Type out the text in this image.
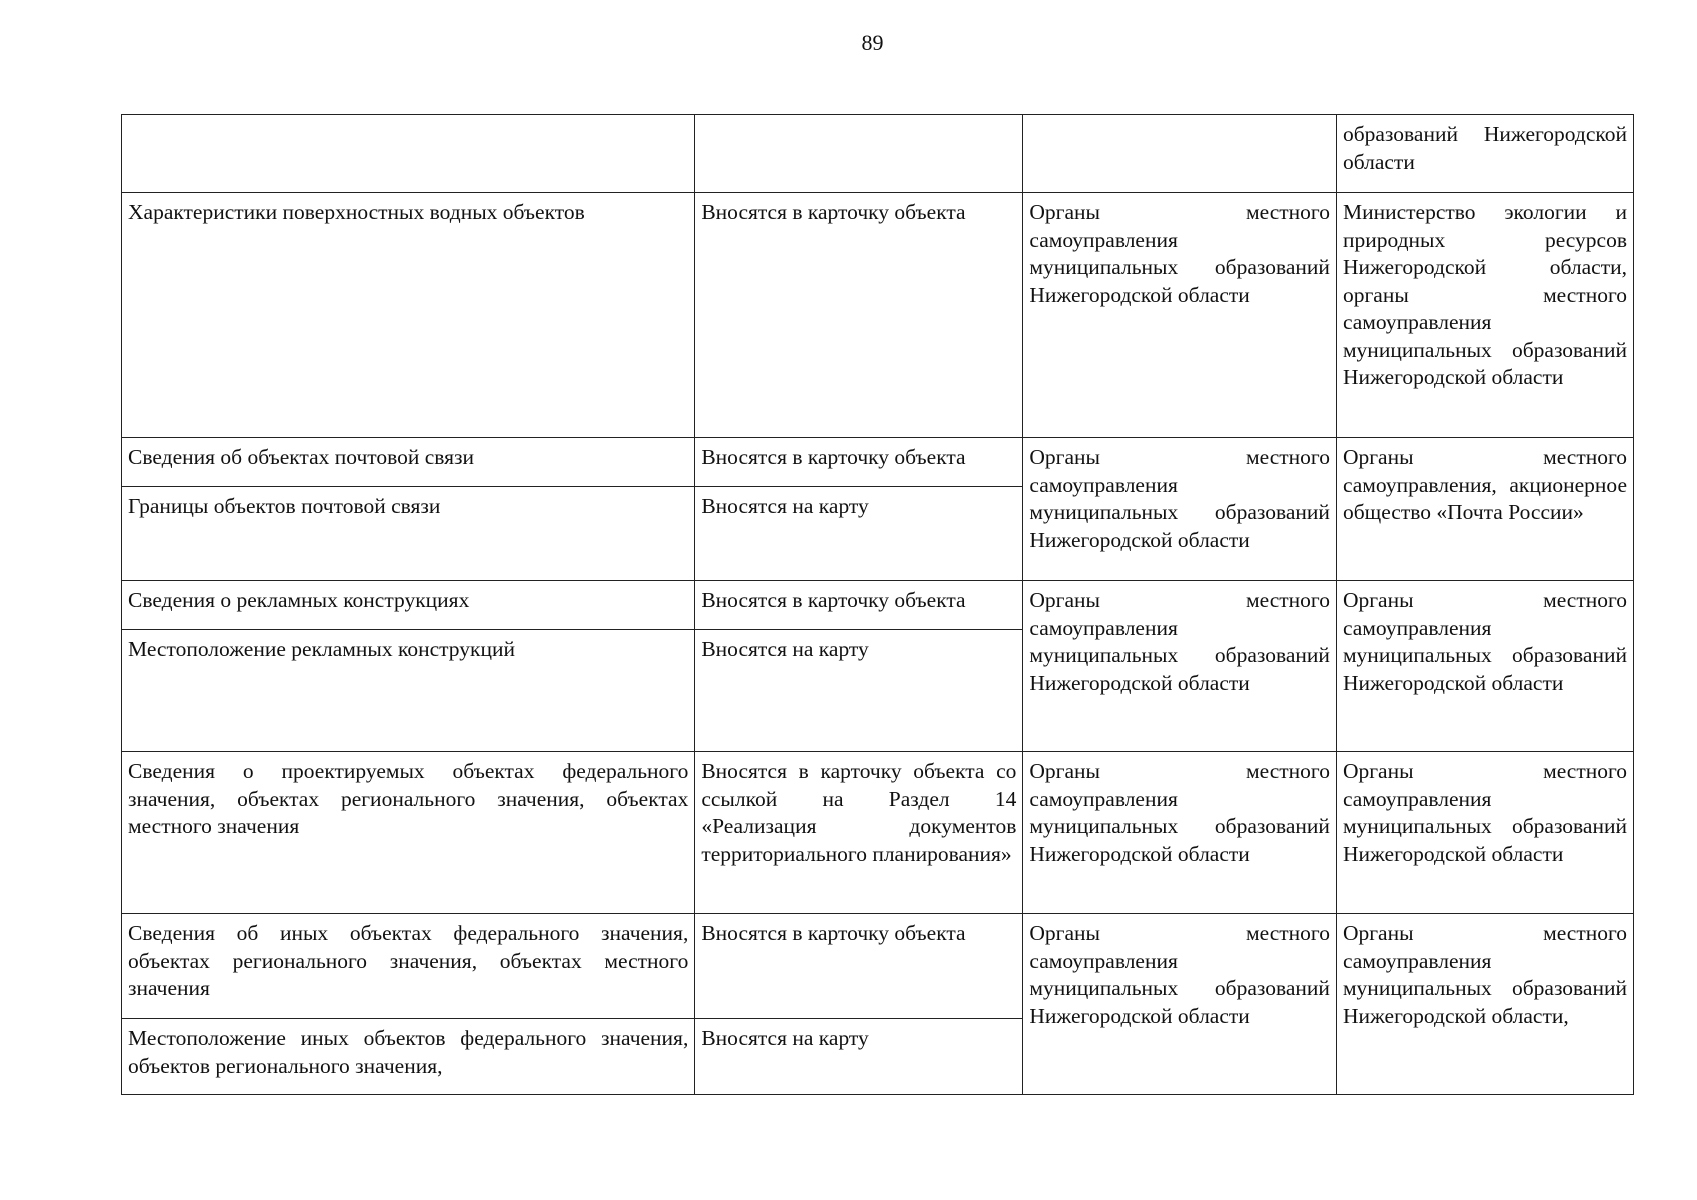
89
			образований Нижегородской области
Характеристики поверхностных водных объектов	Вносятся в карточку объекта	Органы местного самоуправления муниципальных образований Нижегородской области	Министерство экологии и природных ресурсов Нижегородской области, органы местного самоуправления муниципальных образований Нижегородской области
Сведения об объектах почтовой связи	Вносятся в карточку объекта	Органы местного самоуправления муниципальных образований Нижегородской области	Органы местного самоуправления, акционерное общество «Почта России»
Границы объектов почтовой связи	Вносятся на карту		
Сведения о рекламных конструкциях	Вносятся в карточку объекта	Органы местного самоуправления муниципальных образований Нижегородской области	Органы местного самоуправления муниципальных образований Нижегородской области
Местоположение рекламных конструкций	Вносятся на карту		
Сведения о проектируемых объектах федерального значения, объектах регионального значения, объектах местного значения	Вносятся в карточку объекта со ссылкой на Раздел 14 «Реализация документов территориального планирования»	Органы местного самоуправления муниципальных образований Нижегородской области	Органы местного самоуправления муниципальных образований Нижегородской области
Сведения об иных объектах федерального значения, объектах регионального значения, объектах местного значения	Вносятся в карточку объекта	Органы местного самоуправления муниципальных образований Нижегородской области	Органы местного самоуправления муниципальных образований Нижегородской области,
Местоположение иных объектов федерального значения, объектов регионального значения,	Вносятся на карту		
